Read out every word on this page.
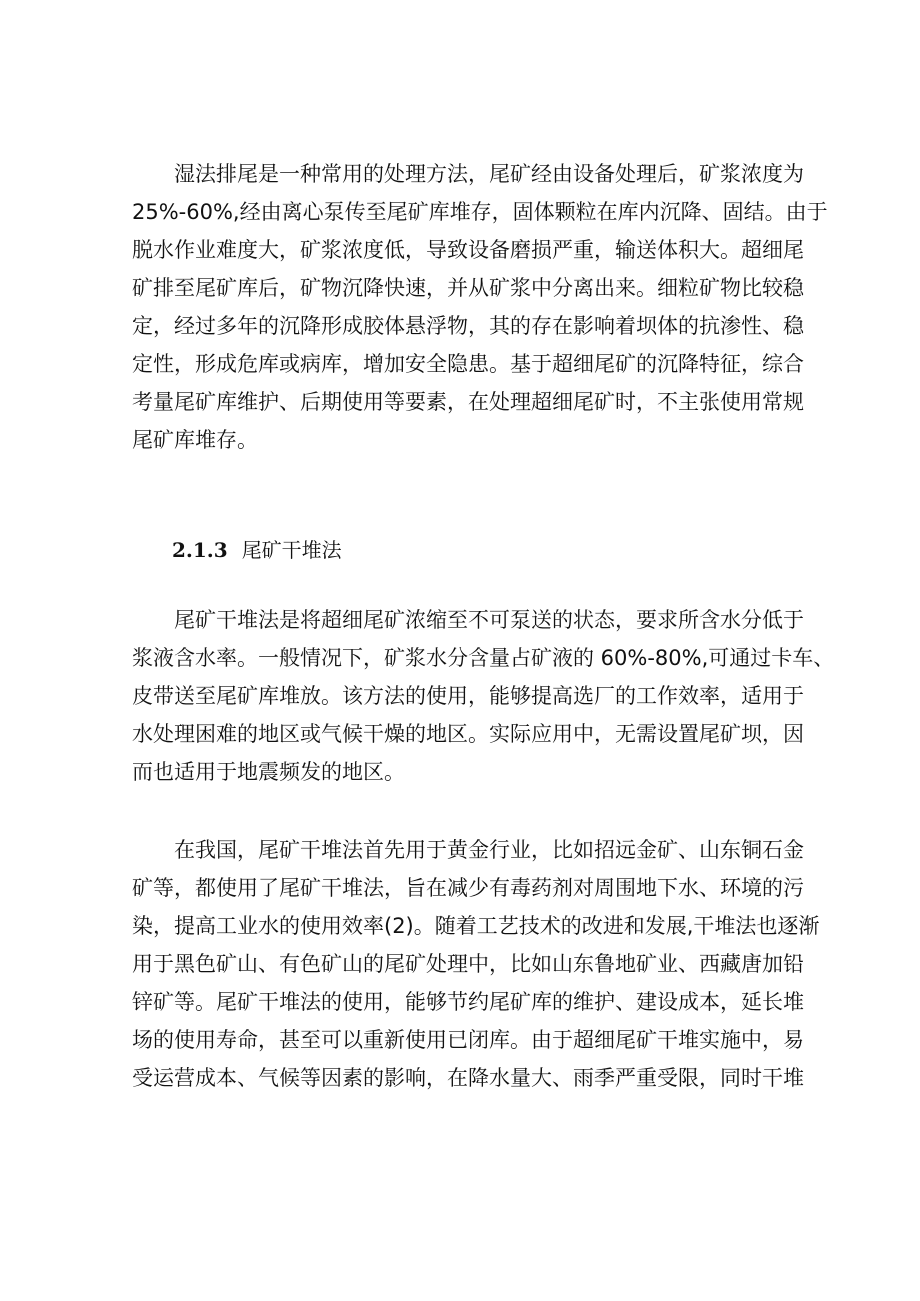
湿法排尾是一种常用的处理方法，尾矿经由设备处理后，矿浆浓度为
25%-60%,经由离心泵传至尾矿库堆存，固体颗粒在库内沉降、固结。由于
脱水作业难度大，矿浆浓度低，导致设备磨损严重，输送体积大。超细尾
矿排至尾矿库后，矿物沉降快速，并从矿浆中分离出来。细粒矿物比较稳
定，经过多年的沉降形成胶体悬浮物，其的存在影响着坝体的抗渗性、稳
定性，形成危库或病库，增加安全隐患。基于超细尾矿的沉降特征，综合
考量尾矿库维护、后期使用等要素，在处理超细尾矿时，不主张使用常规
尾矿库堆存。
2.1.3 尾矿干堆法
尾矿干堆法是将超细尾矿浓缩至不可泵送的状态，要求所含水分低于
浆液含水率。一般情况下，矿浆水分含量占矿液的 60%-80%,可通过卡车、
皮带送至尾矿库堆放。该方法的使用，能够提高选厂的工作效率，适用于
水处理困难的地区或气候干燥的地区。实际应用中，无需设置尾矿坝，因
而也适用于地震频发的地区。
在我国，尾矿干堆法首先用于黄金行业，比如招远金矿、山东铜石金
矿等，都使用了尾矿干堆法，旨在减少有毒药剂对周围地下水、环境的污
染，提高工业水的使用效率(2)。随着工艺技术的改进和发展,干堆法也逐渐
用于黑色矿山、有色矿山的尾矿处理中，比如山东鲁地矿业、西藏唐加铅
锌矿等。尾矿干堆法的使用，能够节约尾矿库的维护、建设成本，延长堆
场的使用寿命，甚至可以重新使用已闭库。由于超细尾矿干堆实施中，易
受运营成本、气候等因素的影响，在降水量大、雨季严重受限，同时干堆
